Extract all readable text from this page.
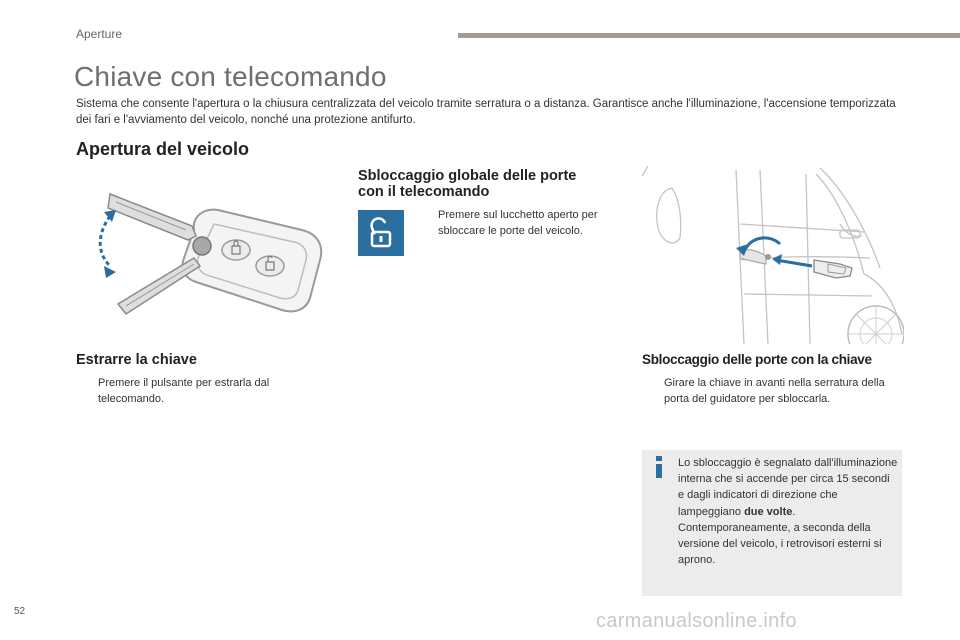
Aperture
Chiave con telecomando
Sistema che consente l'apertura o la chiusura centralizzata del veicolo tramite serratura o a distanza. Garantisce anche l'illuminazione, l'accensione temporizzata dei fari e l'avviamento del veicolo, nonché una protezione antifurto.
Apertura del veicolo
Sbloccaggio globale delle porte
con il telecomando
Premere sul lucchetto aperto per sbloccare le porte del veicolo.
Estrarre la chiave
Premere il pulsante per estrarla dal telecomando.
Sbloccaggio delle porte con la chiave
Girare la chiave in avanti nella serratura della porta del guidatore per sbloccarla.
Lo sbloccaggio è segnalato dall'illuminazione interna che si accende per circa 15 secondi e dagli indicatori di direzione che lampeggiano due volte.
Contemporaneamente, a seconda della versione del veicolo, i retrovisori esterni si aprono.
52	carmanualsonline.info
